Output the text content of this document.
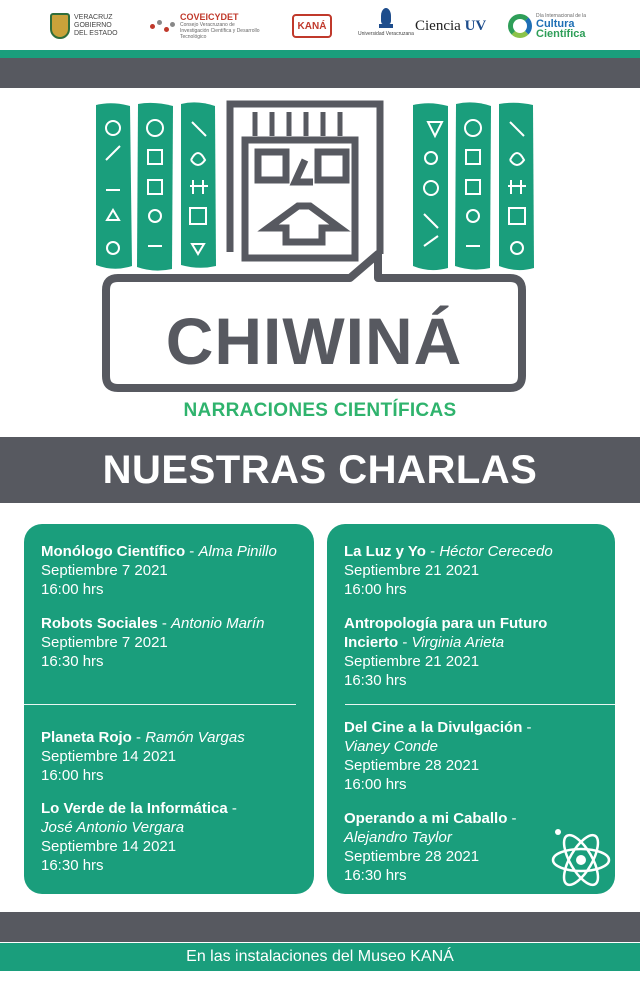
VERACRUZ
GOBIERNO
DEL ESTADO
COVEICYDET
Consejo Veracruzano de Investigación Científica y Desarrollo Tecnológico
KANÁ
Universidad Veracruzana
Ciencia UV
Día Internacional de la
Cultura
Científica
CHIWINÁ
NARRACIONES CIENTÍFICAS
NUESTRAS CHARLAS
Monólogo Científico - Alma Pinillo
Septiembre 7 2021
16:00 hrs
Robots Sociales - Antonio Marín
Septiembre 7 2021
16:30 hrs
Planeta Rojo - Ramón Vargas
Septiembre 14 2021
16:00 hrs
Lo Verde de la Informática -
José Antonio Vergara
Septiembre 14 2021
16:30 hrs
La Luz y Yo - Héctor Cerecedo
Septiembre 21 2021
16:00 hrs
Antropología para un Futuro Incierto - Virginia Arieta
Septiembre 21 2021
16:30 hrs
Del Cine a la Divulgación -
Vianey Conde
Septiembre 28 2021
16:00 hrs
Operando a mi Caballo -
Alejandro Taylor
Septiembre 28 2021
16:30 hrs
En las instalaciones del Museo KANÁ
